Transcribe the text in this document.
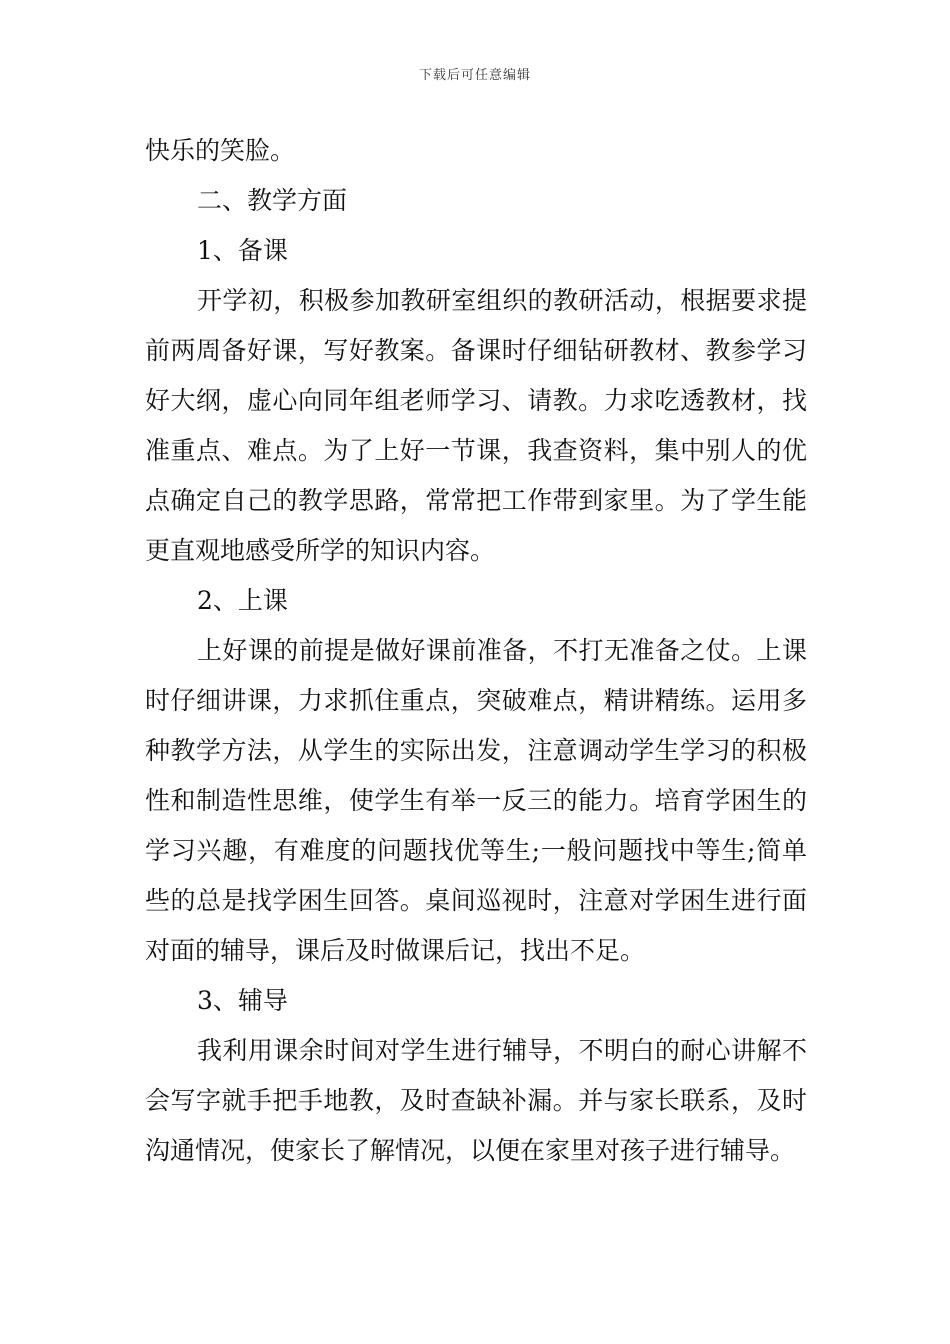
下载后可任意编辑

快乐的笑脸。

二、教学方面

1、备课

开学初，积极参加教研室组织的教研活动，根据要求提前两周备好课，写好教案。备课时仔细钻研教材、教参学习好大纲，虚心向同年组老师学习、请教。力求吃透教材，找准重点、难点。为了上好一节课，我查资料，集中别人的优点确定自己的教学思路，常常把工作带到家里。为了学生能更直观地感受所学的知识内容。

2、上课

上好课的前提是做好课前准备，不打无准备之仗。上课时仔细讲课，力求抓住重点，突破难点，精讲精练。运用多种教学方法，从学生的实际出发，注意调动学生学习的积极性和制造性思维，使学生有举一反三的能力。培育学困生的学习兴趣，有难度的问题找优等生;一般问题找中等生;简单些的总是找学困生回答。桌间巡视时，注意对学困生进行面对面的辅导，课后及时做课后记，找出不足。

3、辅导

我利用课余时间对学生进行辅导，不明白的耐心讲解不会写字就手把手地教，及时查缺补漏。并与家长联系，及时沟通情况，使家长了解情况，以便在家里对孩子进行辅导。
